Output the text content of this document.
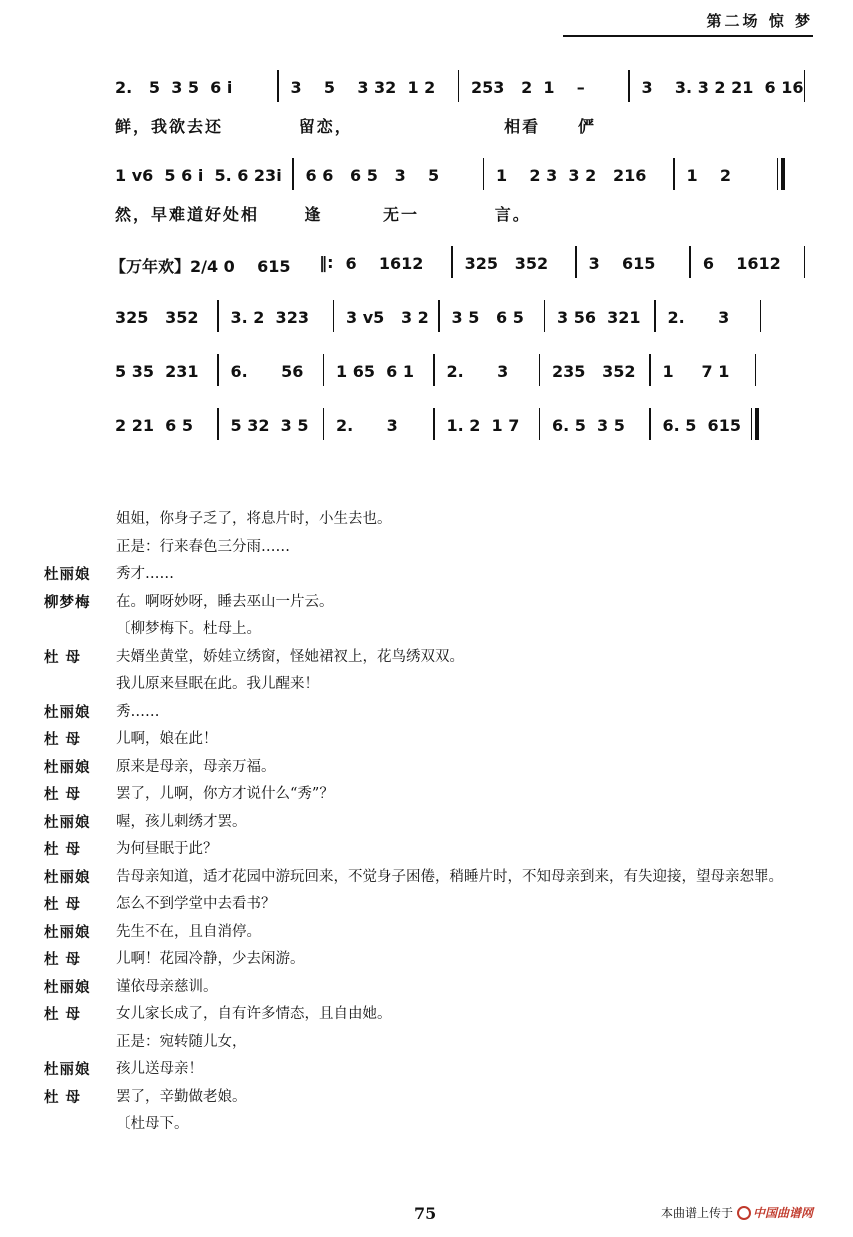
第二场 惊 梦
2.   5  3 5  6 i	3    5    3 32  1 2 253   2  1    –	3    3. 3 2 21  6 16
鲜，我欲去还          留恋，                    相看     俨
1 v6  5 6 i  5. 6 23i 6 6   6 5   3    5	1    2 3  3 2   216	1    2
然，早难道好处相      逢        无一          言。
【万年欢】2/4 0    615 ‖: 6    1612	325   352	3    615	6    1612
325   352 3. 2  323 3 v5   3 2 3 5   6 5 3 56  321 2.      3
5 35  231 6.      56 1 65  6 1 2.      3	235   352 1     7 1
2 21  6 5 5 32  3 5 2.      3	1. 2  1 7 6. 5  3 5 6. 5  615
姐姐，你身子乏了，将息片时，小生去也。
正是：行来春色三分雨……
杜丽娘	秀才……
柳梦梅	在。啊呀妙呀，睡去巫山一片云。
〔柳梦梅下。杜母上。
杜 母	夫婿坐黄堂，娇娃立绣窗，怪她裙衩上，花鸟绣双双。
我儿原来昼眠在此。我儿醒来！
杜丽娘	秀……
杜 母	儿啊，娘在此！
杜丽娘	原来是母亲，母亲万福。
杜 母	罢了，儿啊，你方才说什么“秀”？
杜丽娘	喔，孩儿刺绣才罢。
杜 母	为何昼眠于此？
杜丽娘	告母亲知道，适才花园中游玩回来，不觉身子困倦，稍睡片时，不知母亲到来，有失迎接，望母亲恕罪。
杜 母	怎么不到学堂中去看书？
杜丽娘	先生不在，且自消停。
杜 母	儿啊！花园冷静，少去闲游。
杜丽娘	谨依母亲慈训。
杜 母	女儿家长成了，自有许多情态，且自由她。
正是：宛转随儿女，
杜丽娘	孩儿送母亲！
杜 母	罢了，辛勤做老娘。
〔杜母下。
75	本曲谱上传于 中国曲谱网
